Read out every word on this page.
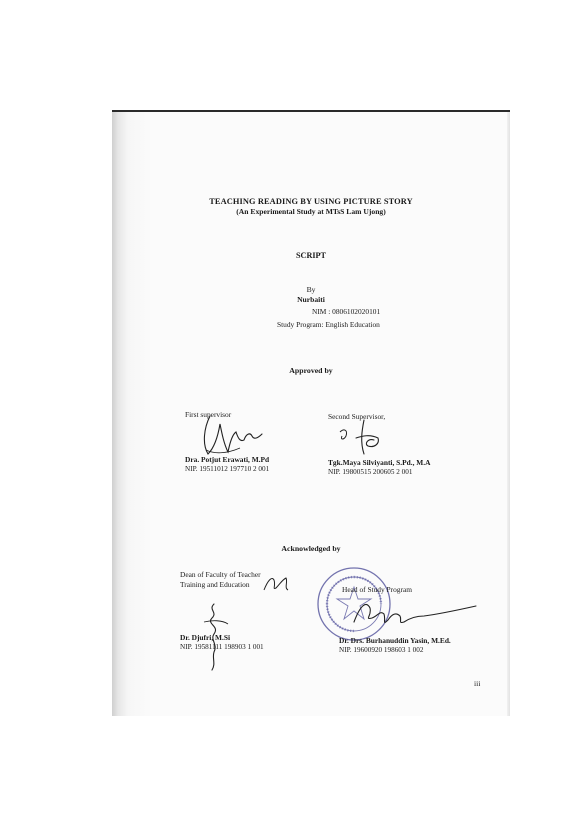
TEACHING READING BY USING PICTURE STORY
(An Experimental Study at MTsS Lam Ujong)
SCRIPT
By
Nurbaiti
NIM : 0806102020101
Study Program: English Education
Approved by
First supervisor
Dra. Potjut Erawati, M.Pd
NIP. 19511012 197710 2 001
Second Supervisor,
Tgk.Maya Silviyanti, S.Pd., M.A
NIP. 19800515 200605 2 001
Acknowledged by
Dean of Faculty of Teacher
Training and Education
Dr. Djufri, M.Si
NIP. 19581111 198903 1 001
Head of Study Program
Dr. Drs. Burhanuddin Yasin, M.Ed.
NIP. 19600920 198603 1 002
iii
